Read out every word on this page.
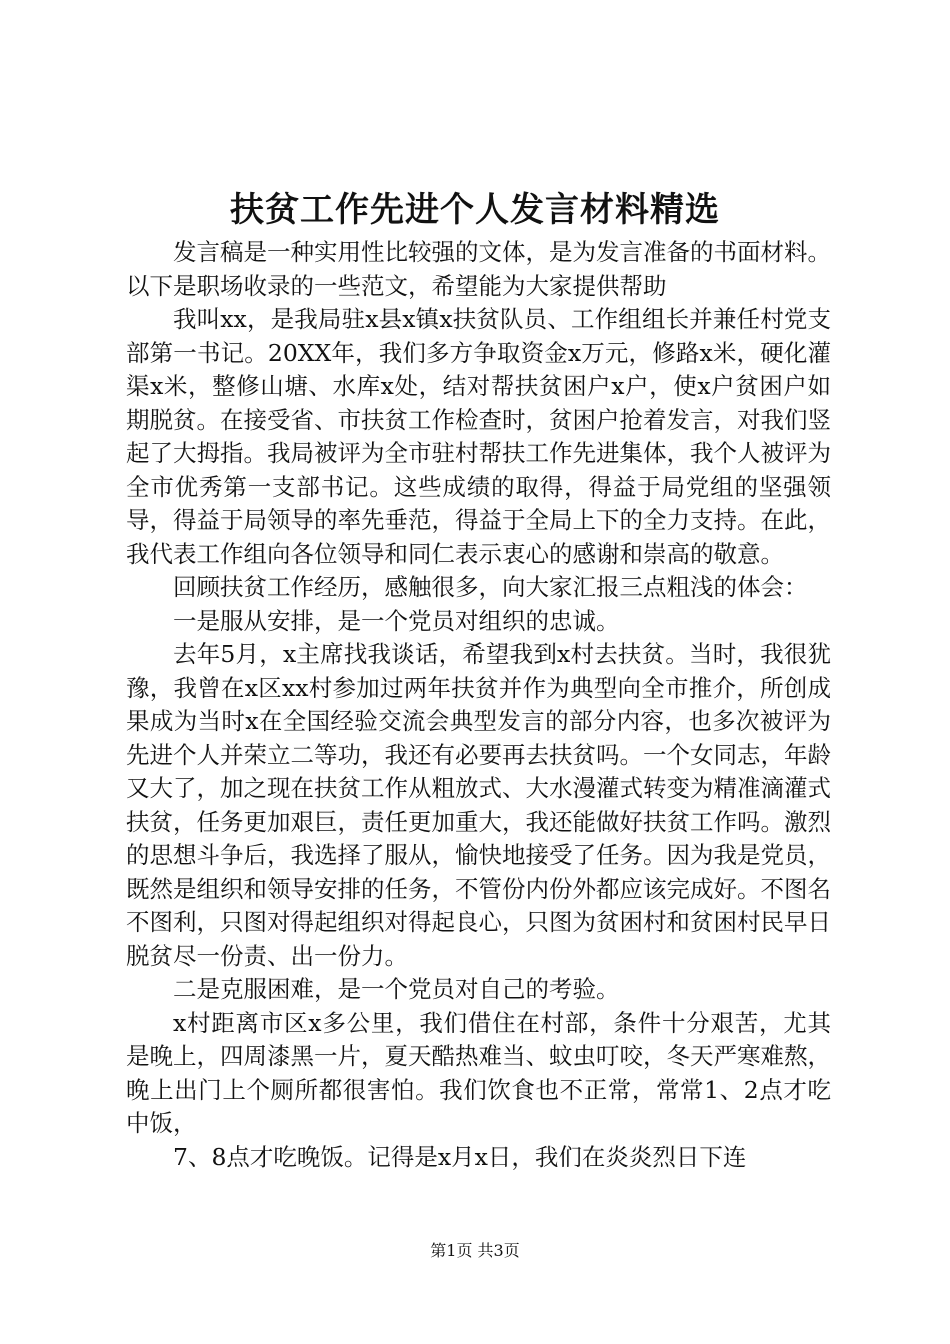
扶贫工作先进个人发言材料精选

发言稿是一种实用性比较强的文体，是为发言准备的书面材料。以下是职场收录的一些范文，希望能为大家提供帮助

我叫xx，是我局驻x县x镇x扶贫队员、工作组组长并兼任村党支部第一书记。20XX年，我们多方争取资金x万元，修路x米，硬化灌渠x米，整修山塘、水库x处，结对帮扶贫困户x户，使x户贫困户如期脱贫。在接受省、市扶贫工作检查时，贫困户抢着发言，对我们竖起了大拇指。我局被评为全市驻村帮扶工作先进集体，我个人被评为全市优秀第一支部书记。这些成绩的取得，得益于局党组的坚强领导，得益于局领导的率先垂范，得益于全局上下的全力支持。在此，我代表工作组向各位领导和同仁表示衷心的感谢和崇高的敬意。

回顾扶贫工作经历，感触很多，向大家汇报三点粗浅的体会：

一是服从安排，是一个党员对组织的忠诚。

去年5月，x主席找我谈话，希望我到x村去扶贫。当时，我很犹豫，我曾在x区xx村参加过两年扶贫并作为典型向全市推介，所创成果成为当时x在全国经验交流会典型发言的部分内容，也多次被评为先进个人并荣立二等功，我还有必要再去扶贫吗。一个女同志，年龄又大了，加之现在扶贫工作从粗放式、大水漫灌式转变为精准滴灌式扶贫，任务更加艰巨，责任更加重大，我还能做好扶贫工作吗。激烈的思想斗争后，我选择了服从，愉快地接受了任务。因为我是党员，既然是组织和领导安排的任务，不管份内份外都应该完成好。不图名不图利，只图对得起组织对得起良心，只图为贫困村和贫困村民早日脱贫尽一份责、出一份力。

二是克服困难，是一个党员对自己的考验。

x村距离市区x多公里，我们借住在村部，条件十分艰苦，尤其是晚上，四周漆黑一片，夏天酷热难当、蚊虫叮咬，冬天严寒难熬，晚上出门上个厕所都很害怕。我们饮食也不正常，常常1、2点才吃中饭，

7、8点才吃晚饭。记得是x月x日，我们在炎炎烈日下连

第1页 共3页
